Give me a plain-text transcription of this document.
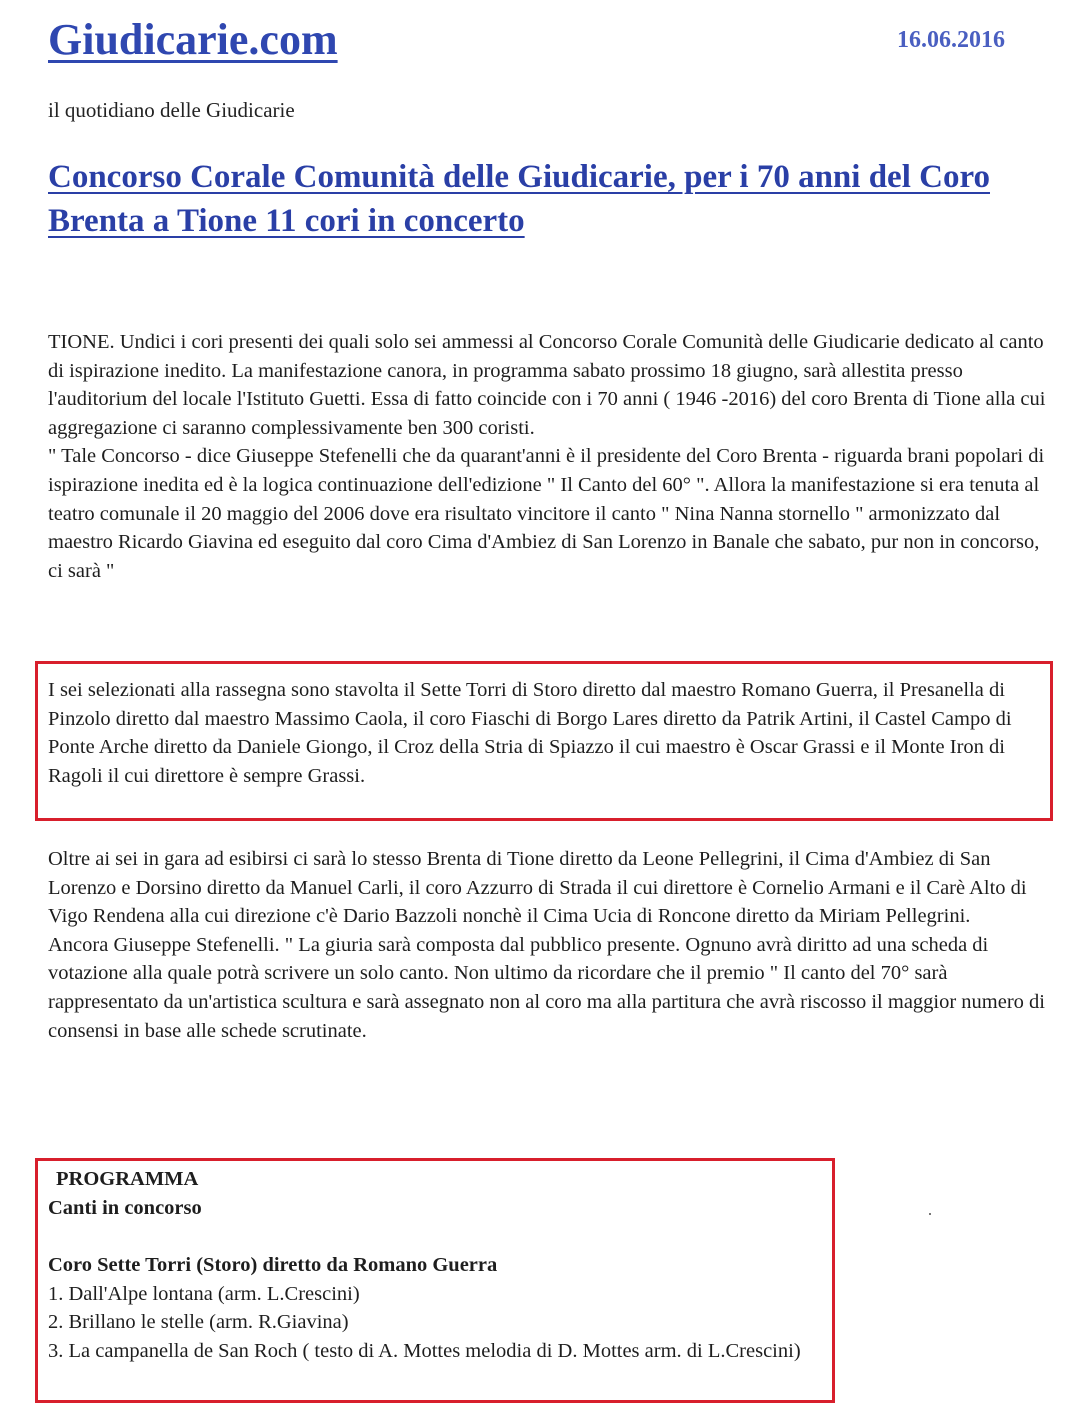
Giudicarie.com	16.06.2016
il quotidiano delle Giudicarie
Concorso Corale Comunità delle Giudicarie, per i 70 anni del Coro Brenta a Tione 11 cori in concerto

TIONE. Undici i cori presenti dei quali solo sei ammessi al Concorso Corale Comunità delle Giudicarie dedicato al canto di ispirazione inedito. La manifestazione canora, in programma sabato prossimo 18 giugno, sarà allestita presso l'auditorium del locale l'Istituto Guetti. Essa di fatto coincide con i 70 anni ( 1946 -2016) del coro Brenta di Tione alla cui aggregazione ci saranno complessivamente ben 300 coristi.
" Tale Concorso - dice Giuseppe Stefenelli che da quarant'anni è il presidente del Coro Brenta - riguarda brani popolari di ispirazione inedita ed è la logica continuazione dell'edizione " Il Canto del 60° ". Allora la manifestazione si era tenuta al teatro comunale il 20 maggio del 2006 dove era risultato vincitore il canto " Nina Nanna stornello " armonizzato dal maestro Ricardo Giavina ed eseguito dal coro Cima d'Ambiez di San Lorenzo in Banale che sabato, pur non in concorso, ci sarà "

I sei selezionati alla rassegna sono stavolta il Sette Torri di Storo diretto dal maestro Romano Guerra, il Presanella di Pinzolo diretto dal maestro Massimo Caola, il coro Fiaschi di Borgo Lares diretto da Patrik Artini, il Castel Campo di Ponte Arche diretto da Daniele Giongo, il Croz della Stria di Spiazzo il cui maestro è Oscar Grassi e il Monte Iron di Ragoli il cui direttore è sempre Grassi.

Oltre ai sei in gara ad esibirsi ci sarà lo stesso Brenta di Tione diretto da Leone Pellegrini, il Cima d'Ambiez di San Lorenzo e Dorsino diretto da Manuel Carli, il coro Azzurro di Strada il cui direttore è Cornelio Armani e il Carè Alto di Vigo Rendena alla cui direzione c'è Dario Bazzoli nonchè il Cima Ucia di Roncone diretto da Miriam Pellegrini.
Ancora Giuseppe Stefenelli. " La giuria sarà composta dal pubblico presente. Ognuno avrà diritto ad una scheda di votazione alla quale potrà scrivere un solo canto. Non ultimo da ricordare che il premio " Il canto del 70° sarà rappresentato da un'artistica scultura e sarà assegnato non al coro ma alla partitura che avrà riscosso il maggior numero di consensi in base alle schede scrutinate.

PROGRAMMA

Canti in concorso

Coro Sette Torri (Storo) diretto da Romano Guerra

1. Dall'Alpe lontana (arm. L.Crescini)

2. Brillano le stelle (arm. R.Giavina)

3. La campanella de San Roch ( testo di A. Mottes melodia di D. Mottes arm. di L.Crescini)
